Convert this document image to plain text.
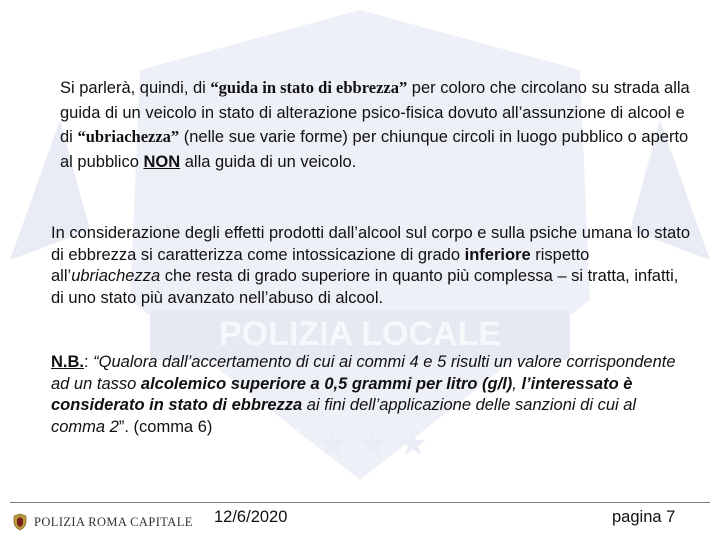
POLIZIA LOCALE
Si parlerà, quindi, di “guida in stato di ebbrezza” per coloro che circolano su strada alla guida di un veicolo in stato di alterazione psico-fisica dovuto all’assunzione di alcool e di “ubriachezza” (nelle sue varie forme) per chiunque circoli in luogo pubblico o aperto al pubblico NON alla guida di un veicolo.
In considerazione degli effetti prodotti dall’alcool sul corpo e sulla psiche umana lo stato di ebbrezza si caratterizza come intossicazione di grado inferiore rispetto all’ubriachezza che resta di grado superiore in quanto più complessa – si tratta, infatti, di uno stato più avanzato nell’abuso di alcool.
N.B.: “Qualora dall’accertamento di cui ai commi 4 e 5 risulti un valore corrispondente ad un tasso alcolemico superiore a 0,5 grammi per litro (g/l), l’interessato è considerato in stato di ebbrezza ai fini dell’applicazione delle sanzioni di cui al comma 2”. (comma 6)
POLIZIA ROMA CAPITALE 12/6/2020	pagina 7
